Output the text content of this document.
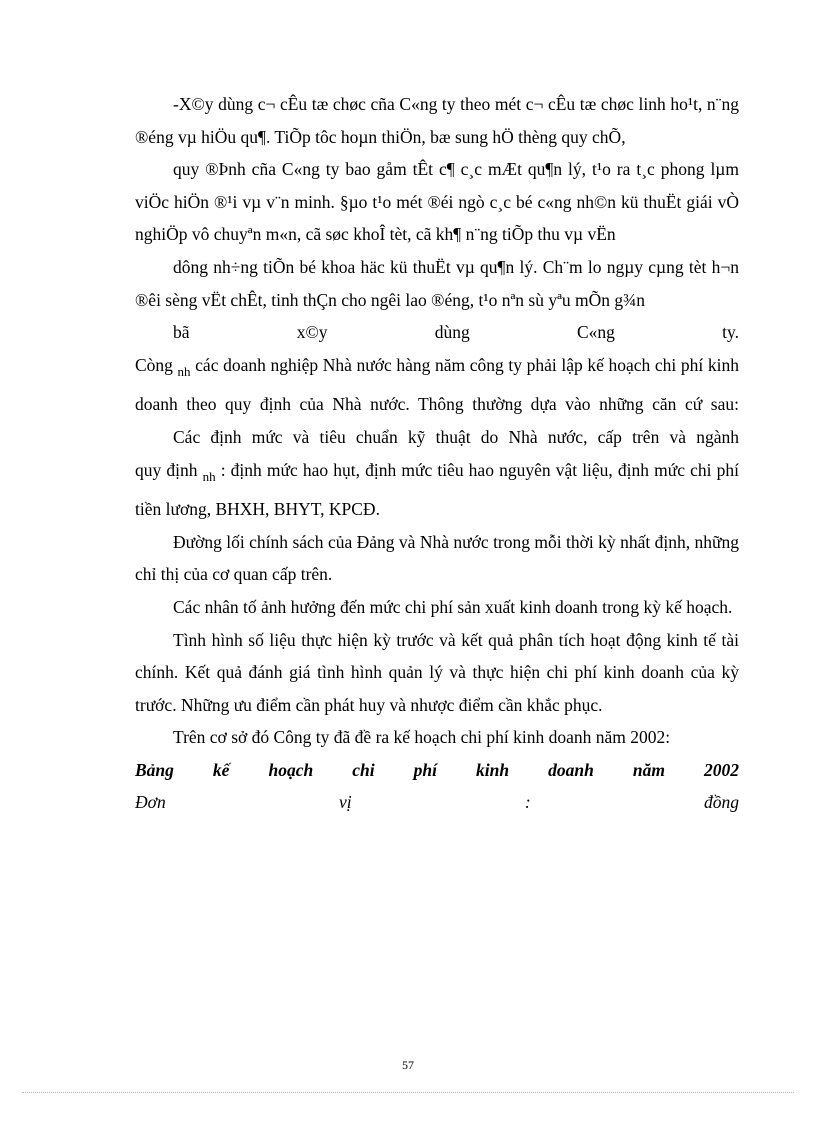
-X©y dùng c¬ cÊu tæ chøc cña C«ng ty theo mét c¬ cÊu tæ chøc linh ho¹t, n¨ng ®éng vµ hiÖu qu¶. TiÕp tôc hoµn thiÖn, bæ sung hÖ thèng quy chÕ,

quy ®Þnh cña C«ng ty bao gåm tÊt c¶ c¸c mÆt qu¶n lý, t¹o ra t¸c phong lµm viÖc hiÖn ®¹i vµ v¨n minh. §µo t¹o mét ®éi ngò c¸c bé c«ng nh©n kü thuËt giái vÒ nghiÖp vô chuyªn m«n, cã søc khoÎ tèt, cã kh¶ n¨ng tiÕp thu vµ vËn

dông nh÷ng tiÕn bé khoa häc kü thuËt vµ qu¶n lý. Ch¨m lo ngµy cµng tèt h¬n ®êi sèng vËt chÊt, tinh thÇn cho ngêi lao ®éng, t¹o nªn sù yªu mÕn g¾n

bã x©y dùng C«ng ty.

Còng $_{nh}$ các doanh nghiệp Nhà nước hàng năm công ty phải lập kế hoạch chi phí kinh doanh theo quy định của Nhà nước. Thông thường dựa vào những căn cứ sau:

Các định mức và tiêu chuẩn kỹ thuật do Nhà nước, cấp trên và ngành

quy định $_{nh}$ : định mức hao hụt, định mức tiêu hao nguyên vật liệu, định mức chi phí tiền lương, BHXH, BHYT, KPCĐ.

Đường lối chính sách của Đảng và Nhà nước trong mỗi thời kỳ nhất định, những chỉ thị của cơ quan cấp trên.

Các nhân tố ảnh hưởng đến mức chi phí sản xuất kinh doanh trong kỳ kế hoạch.

Tình hình số liệu thực hiện kỳ trước và kết quả phân tích hoạt động kinh tế tài chính. Kết quả đánh giá tình hình quản lý và thực hiện chi phí kinh doanh của kỳ trước. Những ưu điểm cần phát huy và nhược điểm cần khắc phục.

Trên cơ sở đó Công ty đã đề ra kế hoạch chi phí kinh doanh năm 2002:

Bảng kế hoạch chi phí kinh doanh năm 2002

Đơn vị : đồng

57
